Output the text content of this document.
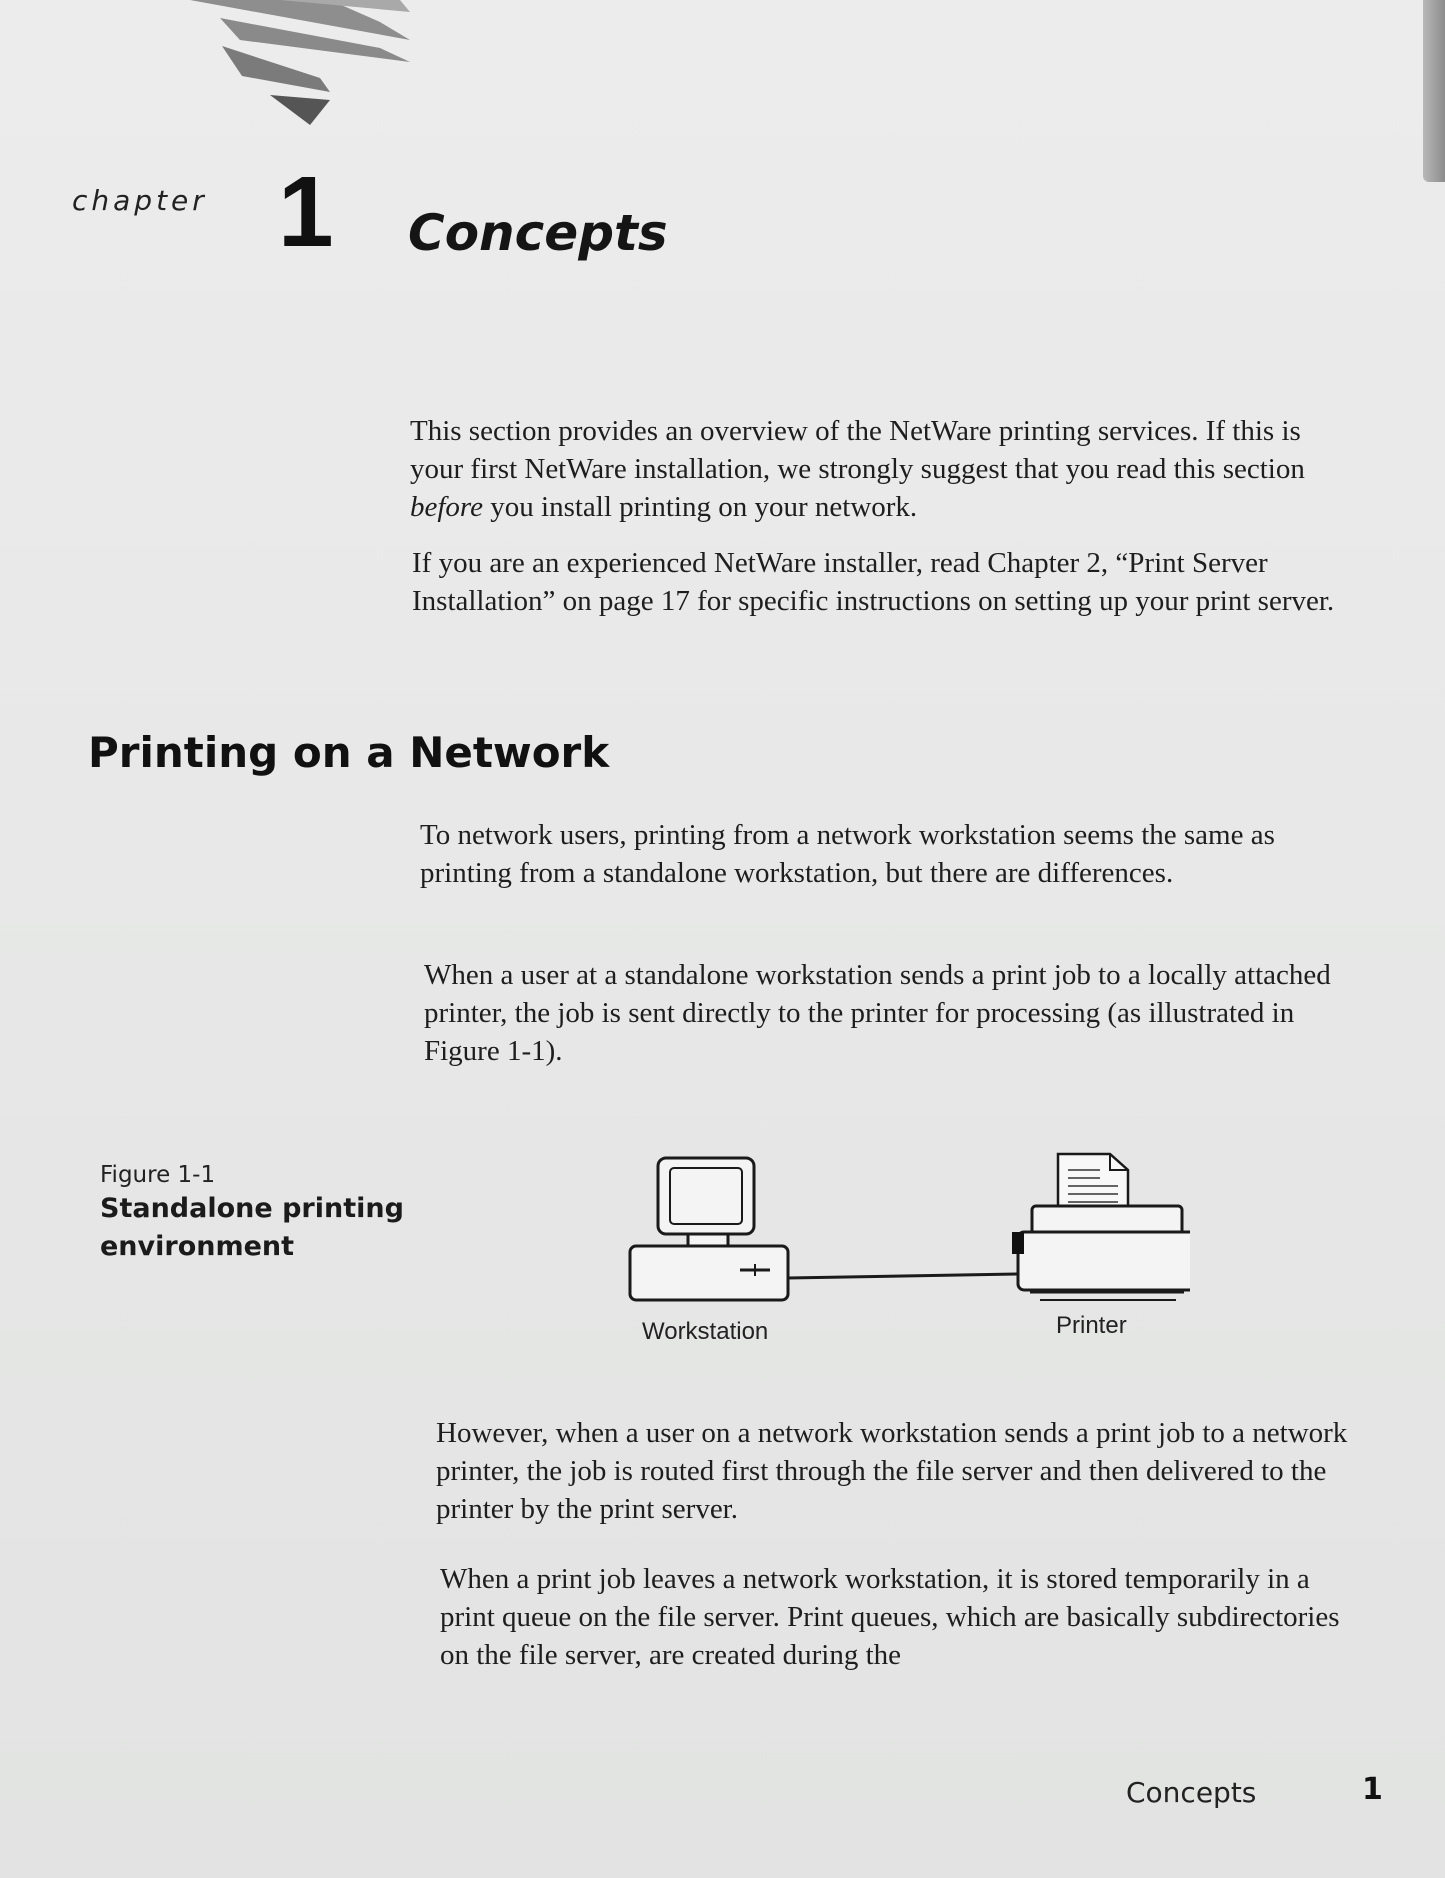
chapter 1 Concepts

This section provides an overview of the NetWare printing services. If this is your first NetWare installation, we strongly suggest that you read this section before you install printing on your network.

If you are an experienced NetWare installer, read Chapter 2, “Print Server Installation” on page 17 for specific instructions on setting up your print server.

Printing on a Network

To network users, printing from a network workstation seems the same as printing from a standalone workstation, but there are differences.

When a user at a standalone workstation sends a print job to a locally attached printer, the job is sent directly to the printer for processing (as illustrated in Figure 1-1).

Figure 1-1

Standalone printing environment

Workstation	Printer

However, when a user on a network workstation sends a print job to a network printer, the job is routed first through the file server and then delivered to the printer by the print server.

When a print job leaves a network workstation, it is stored temporarily in a print queue on the file server. Print queues, which are basically subdirectories on the file server, are created during the

Concepts	1
